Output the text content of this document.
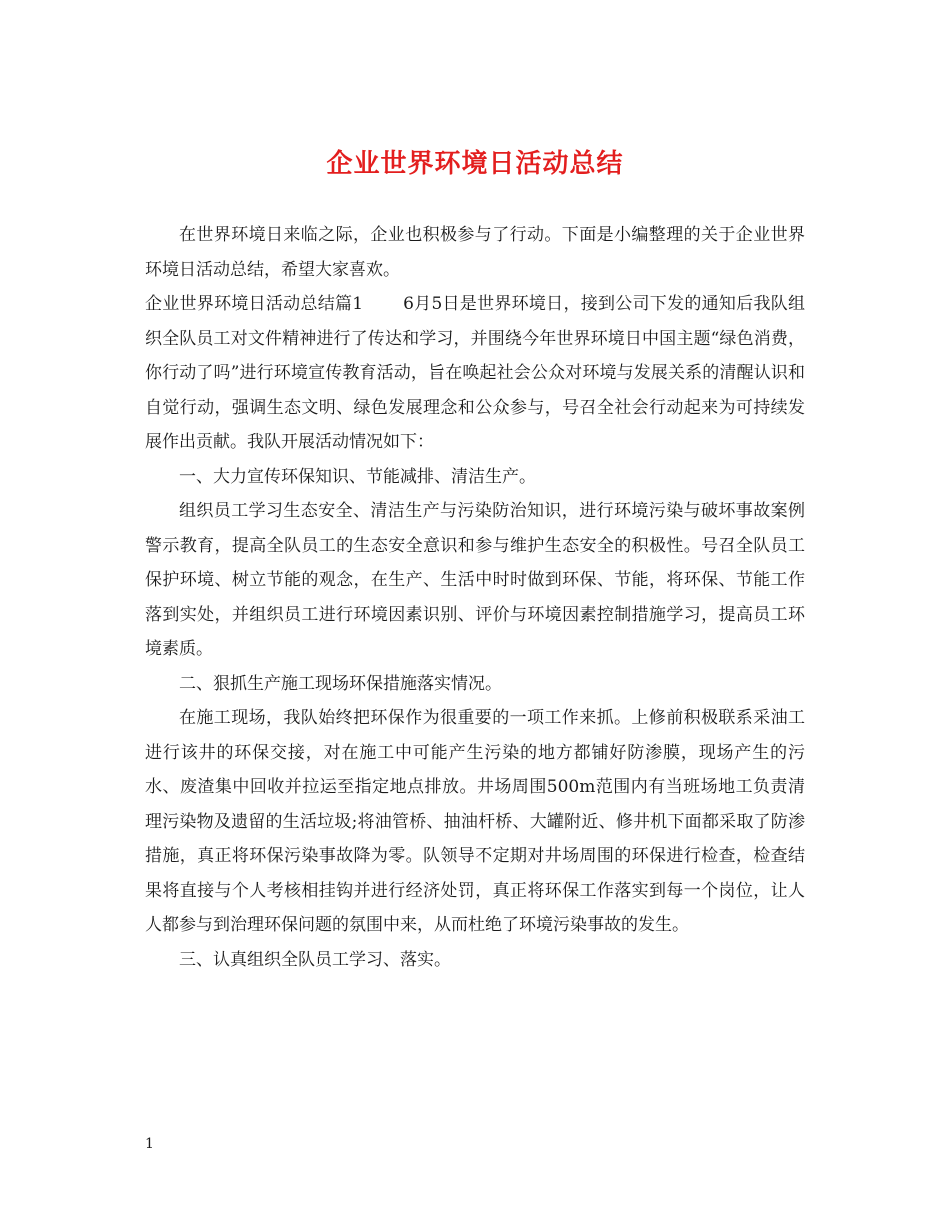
企业世界环境日活动总结

在世界环境日来临之际，企业也积极参与了行动。下面是小编整理的关于企业世界环境日活动总结，希望大家喜欢。

企业世界环境日活动总结篇1 6月5日是世界环境日，接到公司下发的通知后我队组织全队员工对文件精神进行了传达和学习，并围绕今年世界环境日中国主题“绿色消费，你行动了吗”进行环境宣传教育活动，旨在唤起社会公众对环境与发展关系的清醒认识和自觉行动，强调生态文明、绿色发展理念和公众参与，号召全社会行动起来为可持续发展作出贡献。我队开展活动情况如下：

一、大力宣传环保知识、节能减排、清洁生产。

组织员工学习生态安全、清洁生产与污染防治知识，进行环境污染与破坏事故案例警示教育，提高全队员工的生态安全意识和参与维护生态安全的积极性。号召全队员工保护环境、树立节能的观念，在生产、生活中时时做到环保、节能，将环保、节能工作落到实处，并组织员工进行环境因素识别、评价与环境因素控制措施学习，提高员工环境素质。

二、狠抓生产施工现场环保措施落实情况。

在施工现场，我队始终把环保作为很重要的一项工作来抓。上修前积极联系采油工进行该井的环保交接，对在施工中可能产生污染的地方都铺好防渗膜，现场产生的污水、废渣集中回收并拉运至指定地点排放。井场周围500m范围内有当班场地工负责清理污染物及遗留的生活垃圾;将油管桥、抽油杆桥、大罐附近、修井机下面都采取了防渗措施，真正将环保污染事故降为零。队领导不定期对井场周围的环保进行检查，检查结果将直接与个人考核相挂钩并进行经济处罚，真正将环保工作落实到每一个岗位，让人人都参与到治理环保问题的氛围中来，从而杜绝了环境污染事故的发生。

三、认真组织全队员工学习、落实。

1
